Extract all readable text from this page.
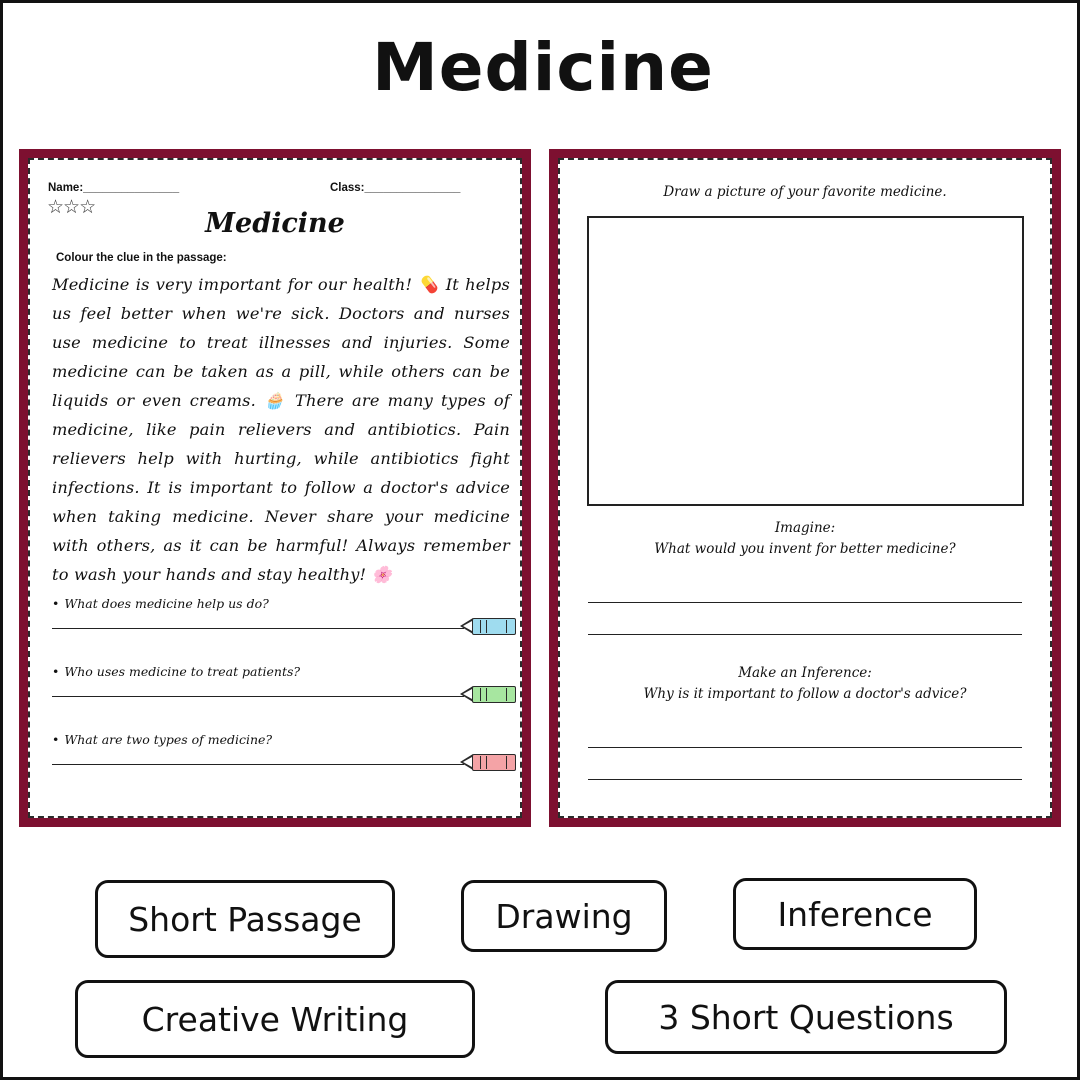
Medicine
Name:_______________	Class:_______________
☆☆☆
Medicine
Colour the clue in the passage:
Medicine is very important for our health! 💊 It helps us feel better when we're sick. Doctors and nurses use medicine to treat illnesses and injuries. Some medicine can be taken as a pill, while others can be liquids or even creams. 🧁 There are many types of medicine, like pain relievers and antibiotics. Pain relievers help with hurting, while antibiotics fight infections. It is important to follow a doctor's advice when taking medicine. Never share your medicine with others, as it can be harmful! Always remember to wash your hands and stay healthy! 🌸
• What does medicine help us do?
• Who uses medicine to treat patients?
• What are two types of medicine?
Draw a picture of your favorite medicine.
Imagine:
What would you invent for better medicine?
Make an Inference:
Why is it important to follow a doctor's advice?
Short Passage	Drawing	Inference
Creative Writing	3 Short Questions
